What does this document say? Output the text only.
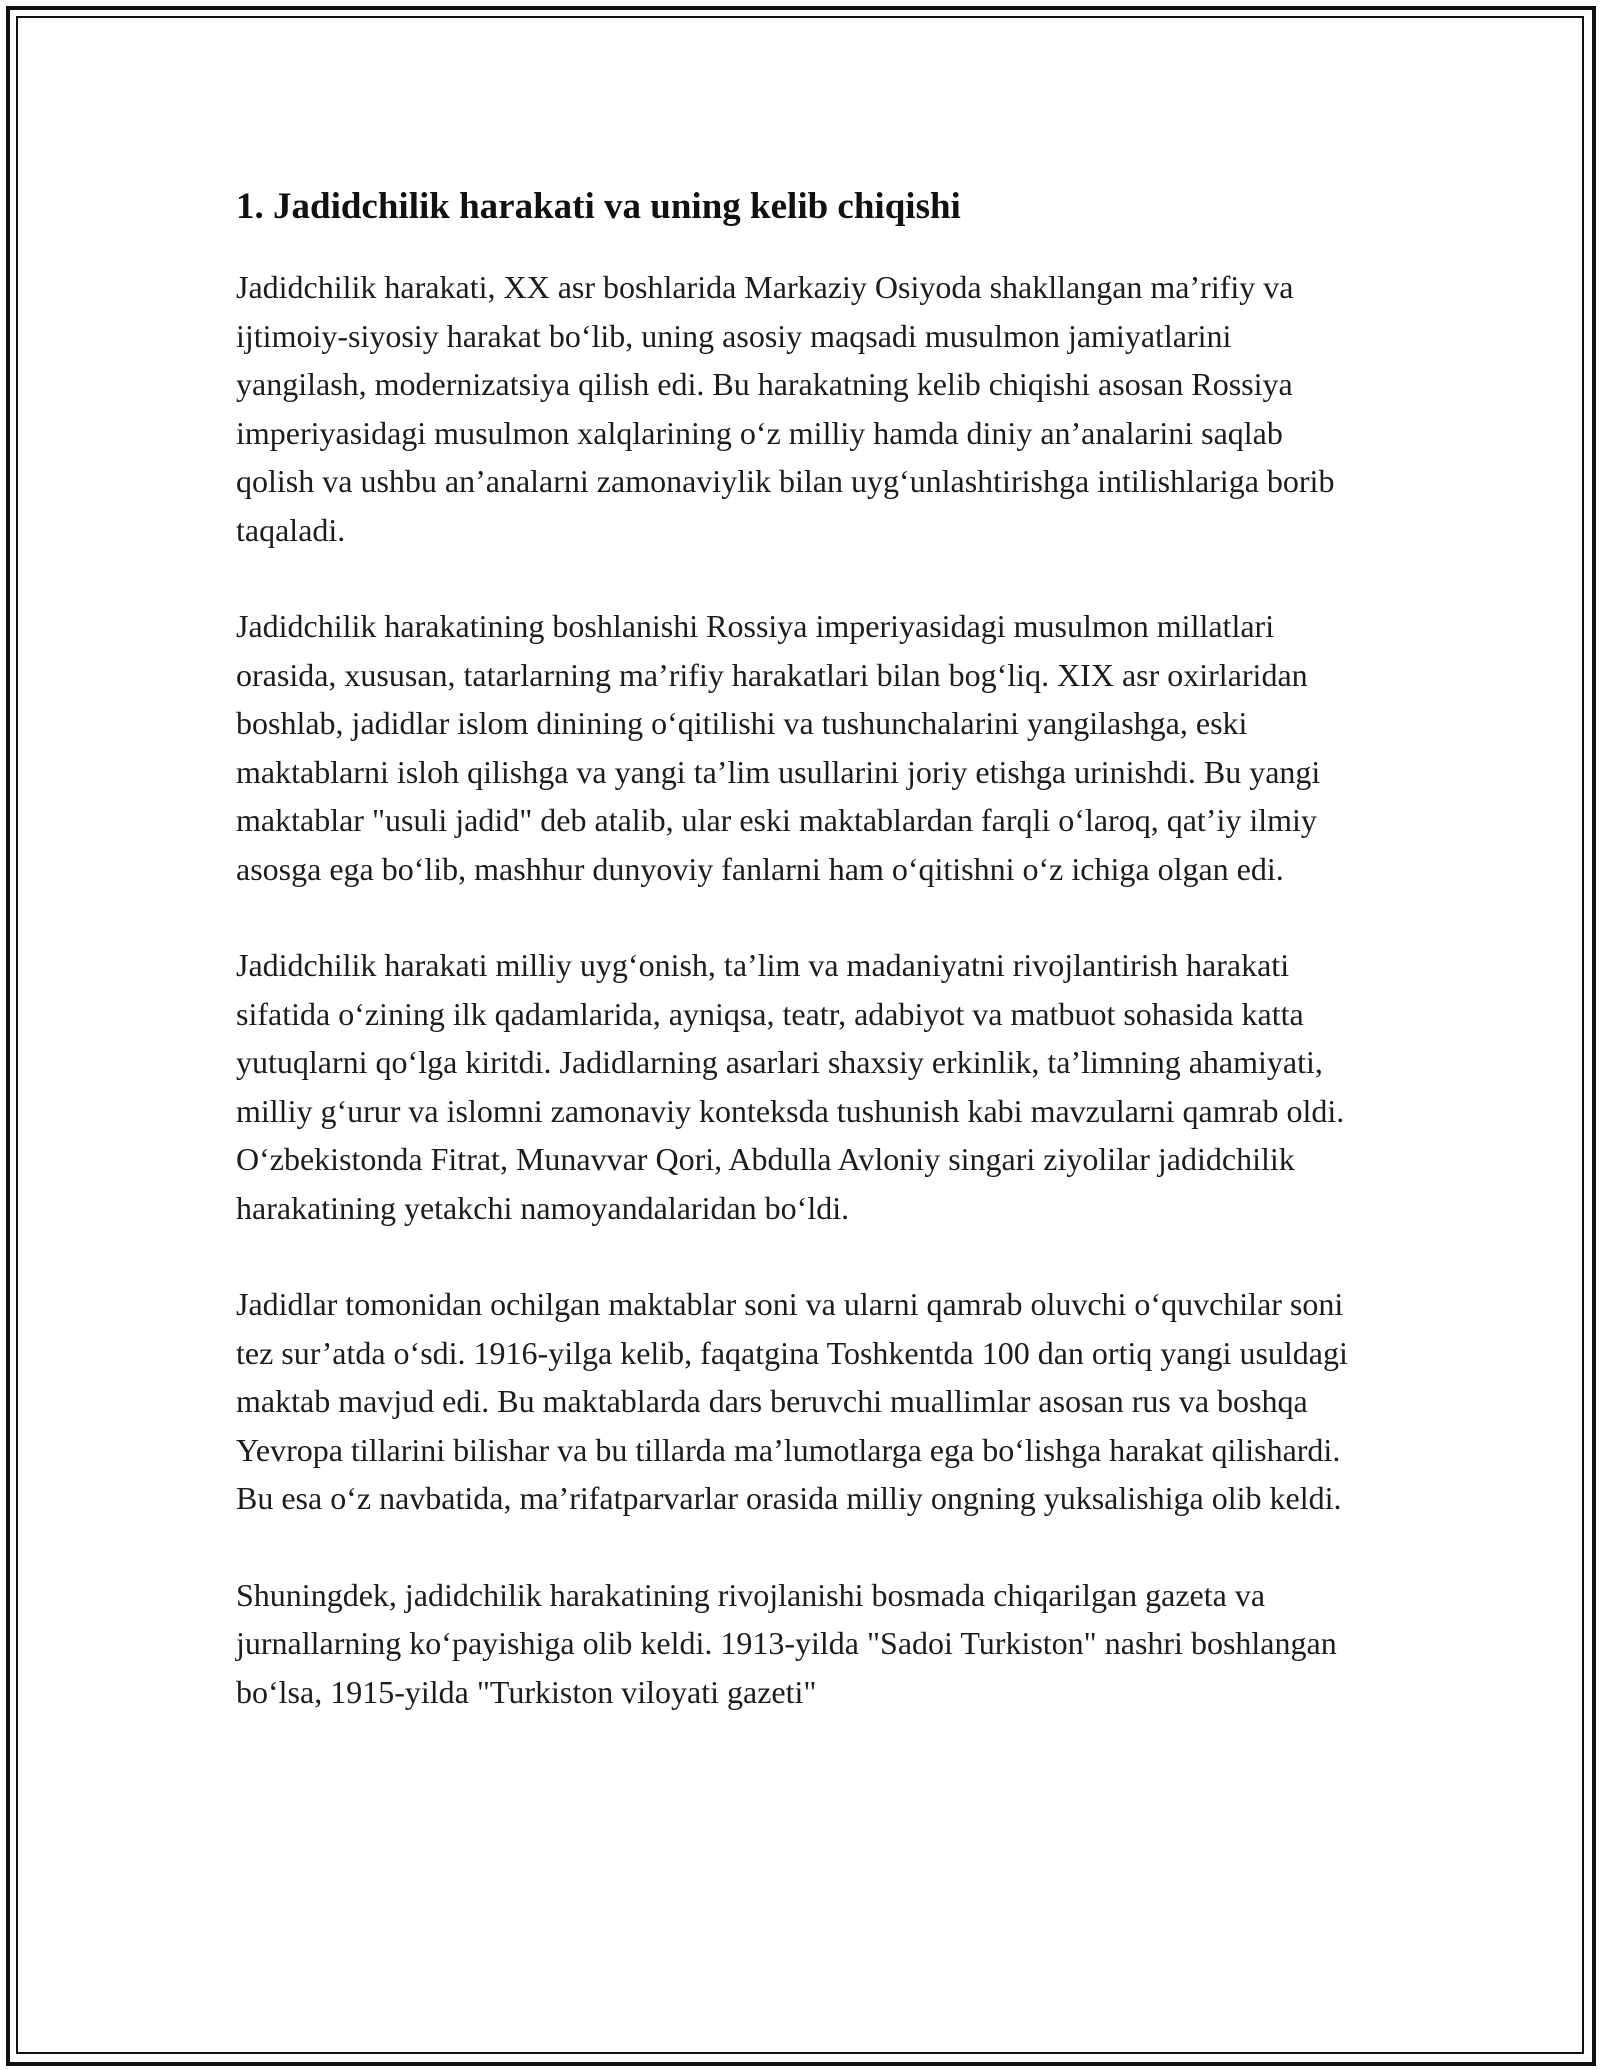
1. Jadidchilik harakati va uning kelib chiqishi

Jadidchilik harakati, XX asr boshlarida Markaziy Osiyoda shakllangan ma’rifiy va ijtimoiy-siyosiy harakat bo‘lib, uning asosiy maqsadi musulmon jamiyatlarini yangilash, modernizatsiya qilish edi. Bu harakatning kelib chiqishi asosan Rossiya imperiyasidagi musulmon xalqlarining o‘z milliy hamda diniy an’analarini saqlab qolish va ushbu an’analarni zamonaviylik bilan uyg‘unlashtirishga intilishlariga borib taqaladi.

Jadidchilik harakatining boshlanishi Rossiya imperiyasidagi musulmon millatlari orasida, xususan, tatarlarning ma’rifiy harakatlari bilan bog‘liq. XIX asr oxirlaridan boshlab, jadidlar islom dinining o‘qitilishi va tushunchalarini yangilashga, eski maktablarni isloh qilishga va yangi ta’lim usullarini joriy etishga urinishdi. Bu yangi maktablar "usuli jadid" deb atalib, ular eski maktablardan farqli o‘laroq, qat’iy ilmiy asosga ega bo‘lib, mashhur dunyoviy fanlarni ham o‘qitishni o‘z ichiga olgan edi.

Jadidchilik harakati milliy uyg‘onish, ta’lim va madaniyatni rivojlantirish harakati sifatida o‘zining ilk qadamlarida, ayniqsa, teatr, adabiyot va matbuot sohasida katta yutuqlarni qo‘lga kiritdi. Jadidlarning asarlari shaxsiy erkinlik, ta’limning ahamiyati, milliy g‘urur va islomni zamonaviy konteksda tushunish kabi mavzularni qamrab oldi. O‘zbekistonda Fitrat, Munavvar Qori, Abdulla Avloniy singari ziyolilar jadidchilik harakatining yetakchi namoyandalaridan bo‘ldi.

Jadidlar tomonidan ochilgan maktablar soni va ularni qamrab oluvchi o‘quvchilar soni tez sur’atda o‘sdi. 1916-yilga kelib, faqatgina Toshkentda 100 dan ortiq yangi usuldagi maktab mavjud edi. Bu maktablarda dars beruvchi muallimlar asosan rus va boshqa Yevropa tillarini bilishar va bu tillarda ma’lumotlarga ega bo‘lishga harakat qilishardi. Bu esa o‘z navbatida, ma’rifatparvarlar orasida milliy ongning yuksalishiga olib keldi.

Shuningdek, jadidchilik harakatining rivojlanishi bosmada chiqarilgan gazeta va jurnallarning ko‘payishiga olib keldi. 1913-yilda "Sadoi Turkiston" nashri boshlangan bo‘lsa, 1915-yilda "Turkiston viloyati gazeti"
